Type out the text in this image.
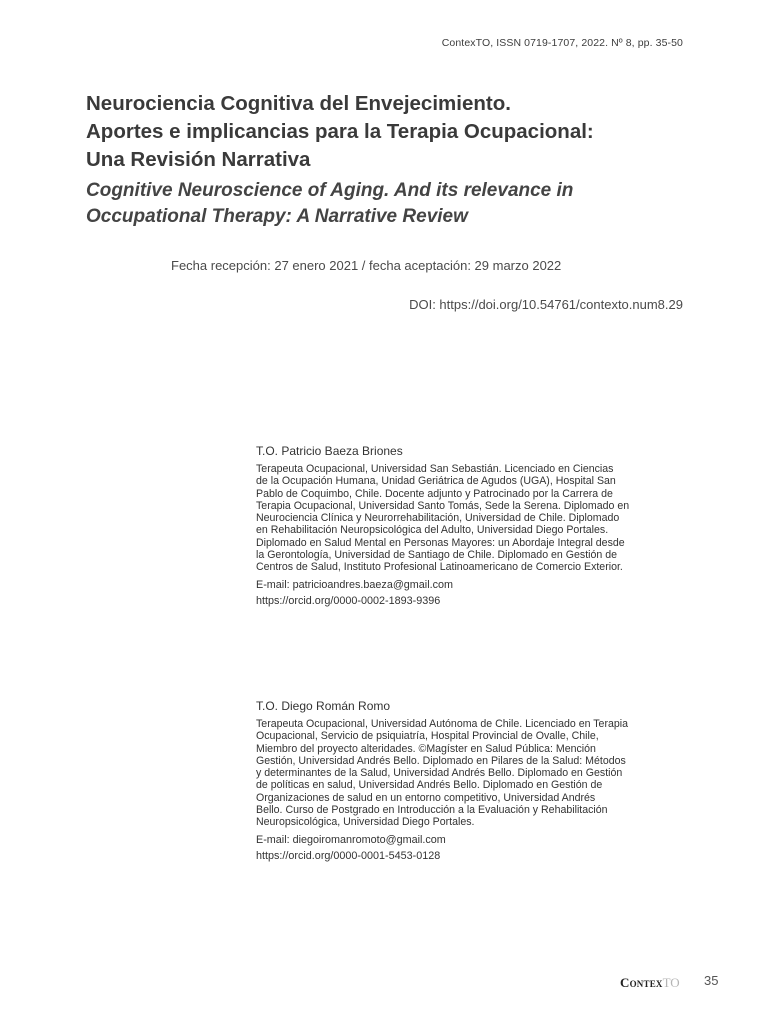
ContexTO, ISSN 0719-1707, 2022. Nº 8, pp. 35-50
Neurociencia Cognitiva del Envejecimiento.
Aportes e implicancias para la Terapia Ocupacional:
Una Revisión Narrativa
Cognitive Neuroscience of Aging. And its relevance in
Occupational Therapy: A Narrative Review
Fecha recepción: 27 enero 2021 / fecha aceptación: 29 marzo 2022
DOI: https://doi.org/10.54761/contexto.num8.29
T.O. Patricio Baeza Briones

Terapeuta Ocupacional, Universidad San Sebastián. Licenciado en Ciencias
de la Ocupación Humana, Unidad Geriátrica de Agudos (UGA), Hospital San
Pablo de Coquimbo, Chile. Docente adjunto y Patrocinado por la Carrera de
Terapia Ocupacional, Universidad Santo Tomás, Sede la Serena. Diplomado en
Neurociencia Clínica y Neurorrehabilitación, Universidad de Chile. Diplomado
en Rehabilitación Neuropsicológica del Adulto, Universidad Diego Portales.
Diplomado en Salud Mental en Personas Mayores: un Abordaje Integral desde
la Gerontología, Universidad de Santiago de Chile. Diplomado en Gestión de
Centros de Salud, Instituto Profesional Latinoamericano de Comercio Exterior.

E-mail: patricioandres.baeza@gmail.com
https://orcid.org/0000-0002-1893-9396
T.O. Diego Román Romo

Terapeuta Ocupacional, Universidad Autónoma de Chile. Licenciado en Terapia
Ocupacional, Servicio de psiquiatría, Hospital Provincial de Ovalle, Chile,
Miembro del proyecto alteridades. ©Magíster en Salud Pública: Mención
Gestión, Universidad Andrés Bello. Diplomado en Pilares de la Salud: Métodos
y determinantes de la Salud, Universidad Andrés Bello. Diplomado en Gestión
de políticas en salud, Universidad Andrés Bello. Diplomado en Gestión de
Organizaciones de salud en un entorno competitivo, Universidad Andrés
Bello. Curso de Postgrado en Introducción a la Evaluación y Rehabilitación
Neuropsicológica, Universidad Diego Portales.

E-mail: diegoiromanromoto@gmail.com
https://orcid.org/0000-0001-5453-0128
ContexTO 35
